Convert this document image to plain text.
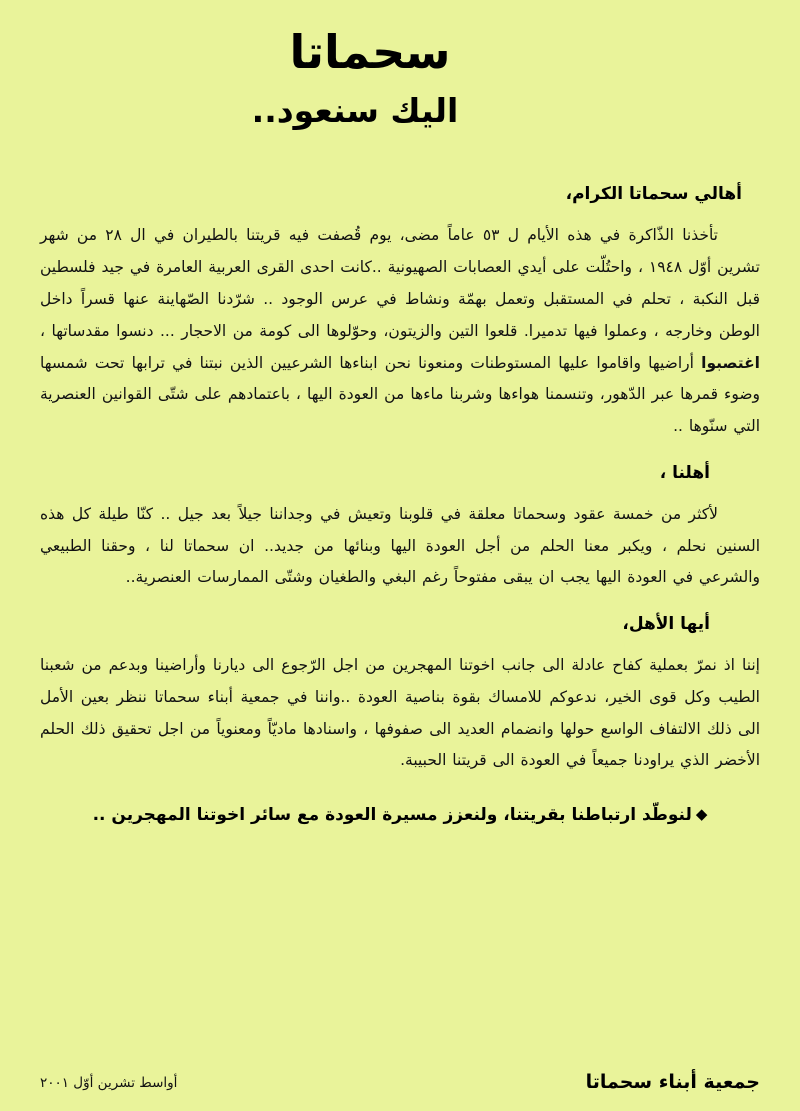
سحماتا
اليك سنعود..

أهالي سحماتا الكرام،

تأخذنا الذّاكرة في هذه الأيام ل ٥٣ عاماً مضى، يوم قُصفت فيه قريتنا بالطيران في ال ٢٨ من شهر تشرين أوّل ١٩٤٨ ، واحتُلّت على أيدي العصابات الصهيونية ..كانت احدى القرى العربية العامرة في جيد فلسطين قبل النكبة ، تحلم في المستقبل وتعمل بهمّة ونشاط في عرس الوجود .. شرّدنا الصّهاينة عنها قسراً داخل الوطن وخارجه ، وعملوا فيها تدميرا. قلعوا التين والزيتون، وحوّلوها الى كومة من الاحجار ... دنسوا مقدساتها ، اغتصبوا أراضيها واقاموا عليها المستوطنات ومنعونا نحن ابناءها الشرعيين الذين نبتنا في ترابها تحت شمسها وضوء قمرها عبر الدّهور، وتنسمنا هواءها وشربنا ماءها من العودة اليها ، باعتمادهم على شتّى القوانين العنصرية التي سنّوها ..

أهلنا ،

لأكثر من خمسة عقود وسحماتا معلقة في قلوبنا وتعيش في وجداننا جيلاً بعد جيل .. كنّا طيلة كل هذه السنين نحلم ، ويكبر معنا الحلم من أجل العودة اليها وبنائها من جديد.. ان سحماتا لنا ، وحقنا الطبيعي والشرعي في العودة اليها يجب ان يبقى مفتوحاً رغم البغي والطغيان وشتّى الممارسات العنصرية..

أيها الأهل،

إننا اذ نمرّ بعملية كفاح عادلة الى جانب اخوتنا المهجرين من اجل الرّجوع الى ديارنا وأراضينا وبدعم من شعبنا الطيب وكل قوى الخير، ندعوكم للامساك بقوة بناصية العودة ..واننا في جمعية أبناء سحماتا ننظر بعين الأمل الى ذلك الالتفاف الواسع حولها وانضمام العديد الى صفوفها ، واسنادها ماديّاً ومعنوياً من اجل تحقيق ذلك الحلم الأخضر الذي يراودنا جميعاً في العودة الى قريتنا الحبيبة.

◆لنوطّد ارتباطنا بقريتنا، ولنعزز مسيرة العودة مع سائر اخوتنا المهجرين ..

جمعية أبناء سحماتا
أواسط تشرين أوّل ٢٠٠١
